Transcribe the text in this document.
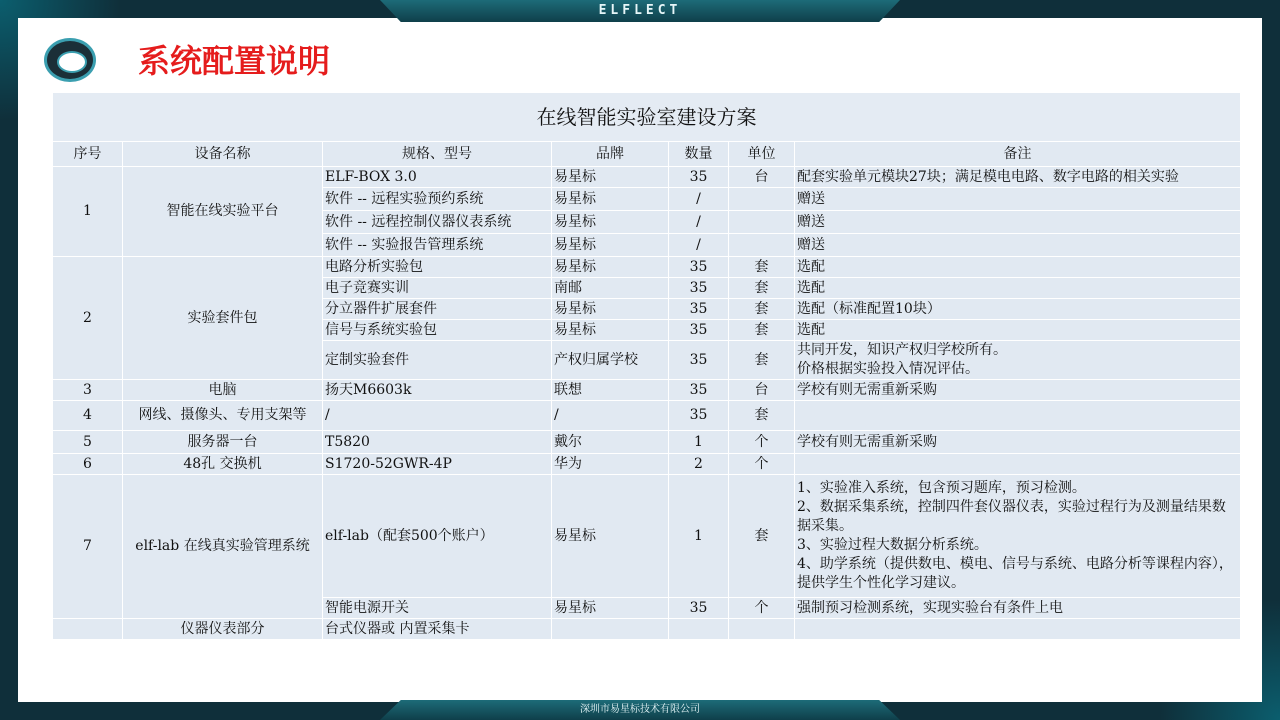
ELFLECT
深圳市易星标技术有限公司
系统配置说明
在线智能实验室建设方案						
序号	设备名称	规格、型号	品牌	数量	单位	备注
1	智能在线实验平台	ELF-BOX 3.0	易星标	35	台	配套实验单元模块27块；满足模电电路、数字电路的相关实验
		软件 -- 远程实验预约系统	易星标	/		赠送
		软件 -- 远程控制仪器仪表系统	易星标	/		赠送
		软件 -- 实验报告管理系统	易星标	/		赠送
2	实验套件包	电路分析实验包	易星标	35	套	选配
		电子竞赛实训	南邮	35	套	选配
		分立器件扩展套件	易星标	35	套	选配（标准配置10块）
		信号与系统实验包	易星标	35	套	选配
		定制实验套件	产权归属学校	35	套	共同开发，知识产权归学校所有。
价格根据实验投入情况评估。

3	电脑	扬天M6603k	联想	35	台	学校有则无需重新采购
4	网线、摄像头、专用支架等	/	/	35	套	
5	服务器一台	T5820	戴尔	1	个	学校有则无需重新采购
6	48孔 交换机	S1720-52GWR-4P	华为	2	个	
7	elf-lab 在线真实验管理系统	elf-lab（配套500个账户）	易星标	1	套	1、实验准入系统，包含预习题库，预习检测。
2、数据采集系统，控制四件套仪器仪表，实验过程行为及测量结果数据采集。
3、实验过程大数据分析系统。
4、助学系统（提供数电、模电、信号与系统、电路分析等课程内容），提供学生个性化学习建议。

		智能电源开关	易星标	35	个	强制预习检测系统，实现实验台有条件上电
	仪器仪表部分	台式仪器或 内置采集卡				
